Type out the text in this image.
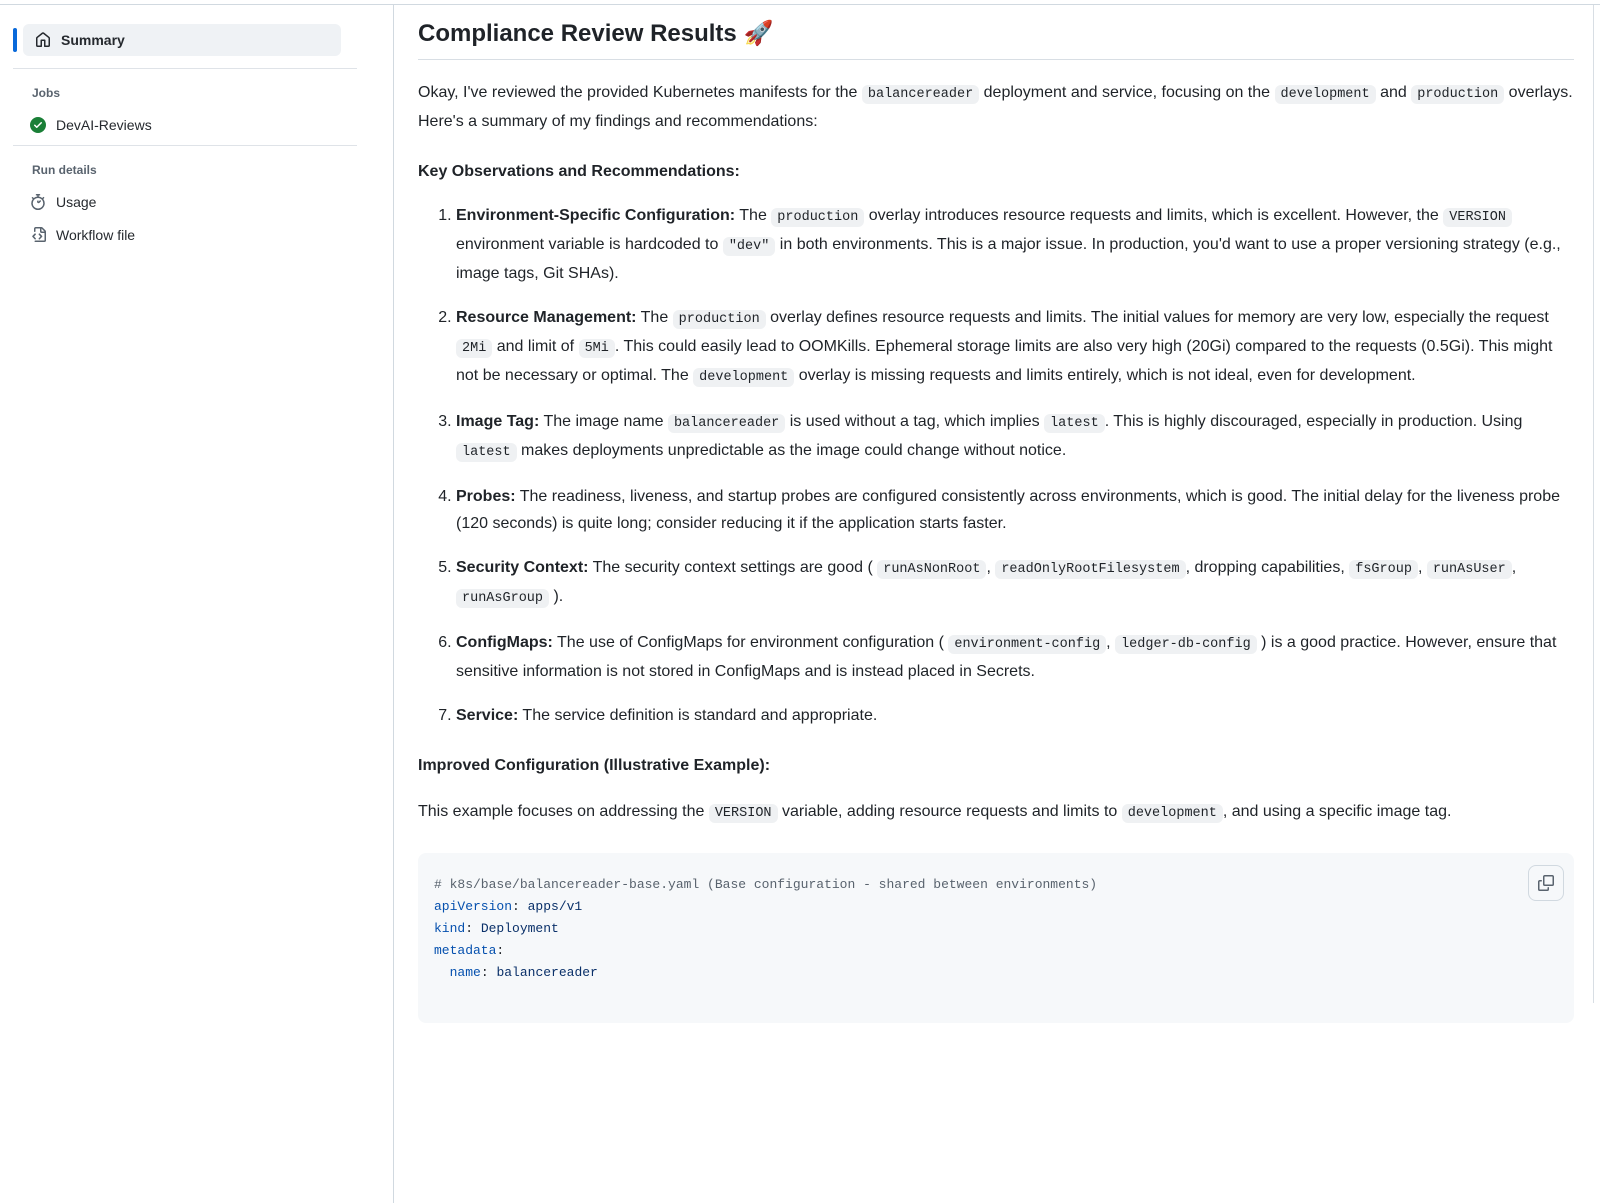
Summary
Jobs
DevAI-Reviews
Run details
Usage
Workflow file
Compliance Review Results 🚀

Okay, I've reviewed the provided Kubernetes manifests for the balancereader deployment and service, focusing on the development and production overlays. Here's a summary of my findings and recommendations:

Key Observations and Recommendations:

1. Environment-Specific Configuration: The production overlay introduces resource requests and limits, which is excellent. However, the VERSION environment variable is hardcoded to "dev" in both environments. This is a major issue. In production, you'd want to use a proper versioning strategy (e.g., image tags, Git SHAs).
2. Resource Management: The production overlay defines resource requests and limits. The initial values for memory are very low, especially the request 2Mi and limit of 5Mi . This could easily lead to OOMKills. Ephemeral storage limits are also very high (20Gi) compared to the requests (0.5Gi). This might not be necessary or optimal. The development overlay is missing requests and limits entirely, which is not ideal, even for development.
3. Image Tag: The image name balancereader is used without a tag, which implies latest . This is highly discouraged, especially in production. Using latest makes deployments unpredictable as the image could change without notice.
4. Probes: The readiness, liveness, and startup probes are configured consistently across environments, which is good. The initial delay for the liveness probe (120 seconds) is quite long; consider reducing it if the application starts faster.
5. Security Context: The security context settings are good ( runAsNonRoot , readOnlyRootFilesystem , dropping capabilities, fsGroup , runAsUser , runAsGroup ).
6. ConfigMaps: The use of ConfigMaps for environment configuration ( environment-config , ledger-db-config ) is a good practice. However, ensure that sensitive information is not stored in ConfigMaps and is instead placed in Secrets.
7. Service: The service definition is standard and appropriate.

Improved Configuration (Illustrative Example):

This example focuses on addressing the VERSION variable, adding resource requests and limits to development , and using a specific image tag.

# k8s/base/balancereader-base.yaml (Base configuration - shared between environments)
apiVersion: apps/v1
kind: Deployment
metadata:
name: balancereader
